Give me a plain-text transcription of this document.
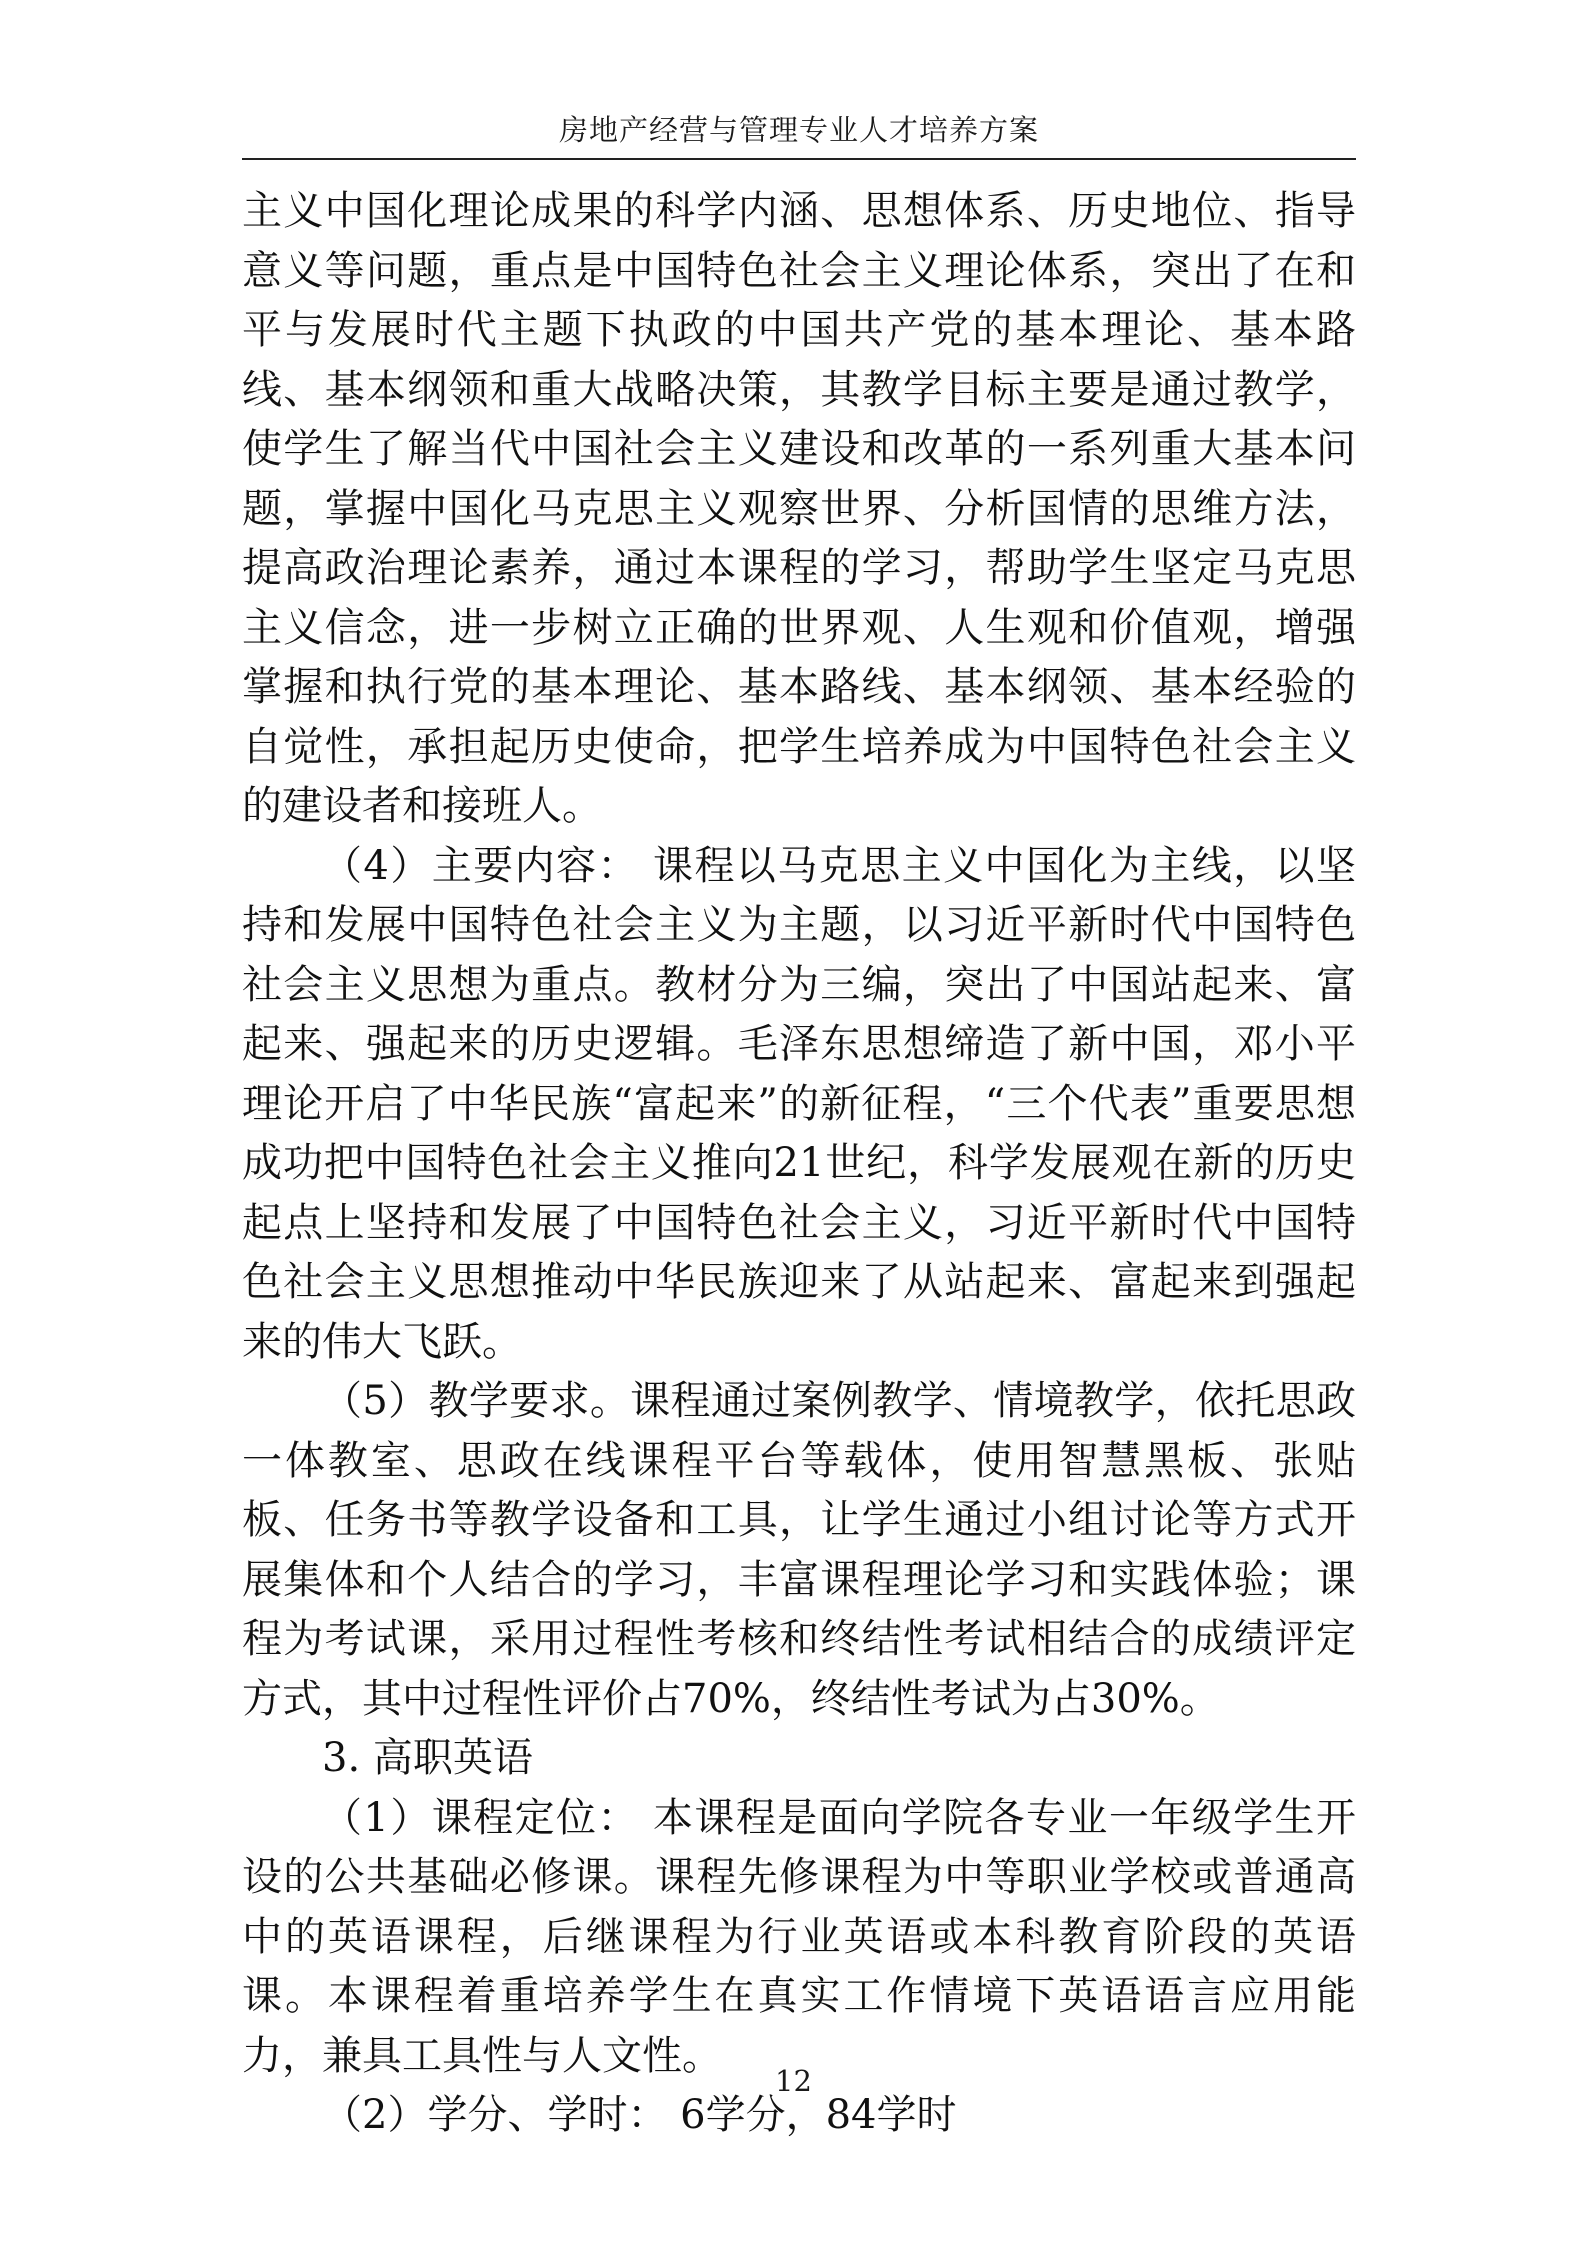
房地产经营与管理专业人才培养方案

主义中国化理论成果的科学内涵、思想体系、历史地位、指导意义等问题，重点是中国特色社会主义理论体系，突出了在和平与发展时代主题下执政的中国共产党的基本理论、基本路线、基本纲领和重大战略决策，其教学目标主要是通过教学，使学生了解当代中国社会主义建设和改革的一系列重大基本问题，掌握中国化马克思主义观察世界、分析国情的思维方法，提高政治理论素养，通过本课程的学习，帮助学生坚定马克思主义信念，进一步树立正确的世界观、人生观和价值观，增强掌握和执行党的基本理论、基本路线、基本纲领、基本经验的自觉性，承担起历史使命，把学生培养成为中国特色社会主义的建设者和接班人。

（4）主要内容： 课程以马克思主义中国化为主线，以坚持和发展中国特色社会主义为主题，以习近平新时代中国特色社会主义思想为重点。教材分为三编，突出了中国站起来、富起来、强起来的历史逻辑。毛泽东思想缔造了新中国，邓小平理论开启了中华民族“富起来”的新征程，“三个代表”重要思想成功把中国特色社会主义推向21世纪，科学发展观在新的历史起点上坚持和发展了中国特色社会主义，习近平新时代中国特色社会主义思想推动中华民族迎来了从站起来、富起来到强起来的伟大飞跃。

（5）教学要求。课程通过案例教学、情境教学，依托思政一体教室、思政在线课程平台等载体，使用智慧黑板、张贴板、任务书等教学设备和工具，让学生通过小组讨论等方式开展集体和个人结合的学习，丰富课程理论学习和实践体验；课程为考试课，采用过程性考核和终结性考试相结合的成绩评定方式，其中过程性评价占70%，终结性考试为占30%。

3. 高职英语

（1）课程定位： 本课程是面向学院各专业一年级学生开设的公共基础必修课。课程先修课程为中等职业学校或普通高中的英语课程，后继课程为行业英语或本科教育阶段的英语课。本课程着重培养学生在真实工作情境下英语语言应用能力，兼具工具性与人文性。

（2）学分、学时： 6学分，84学时

12
